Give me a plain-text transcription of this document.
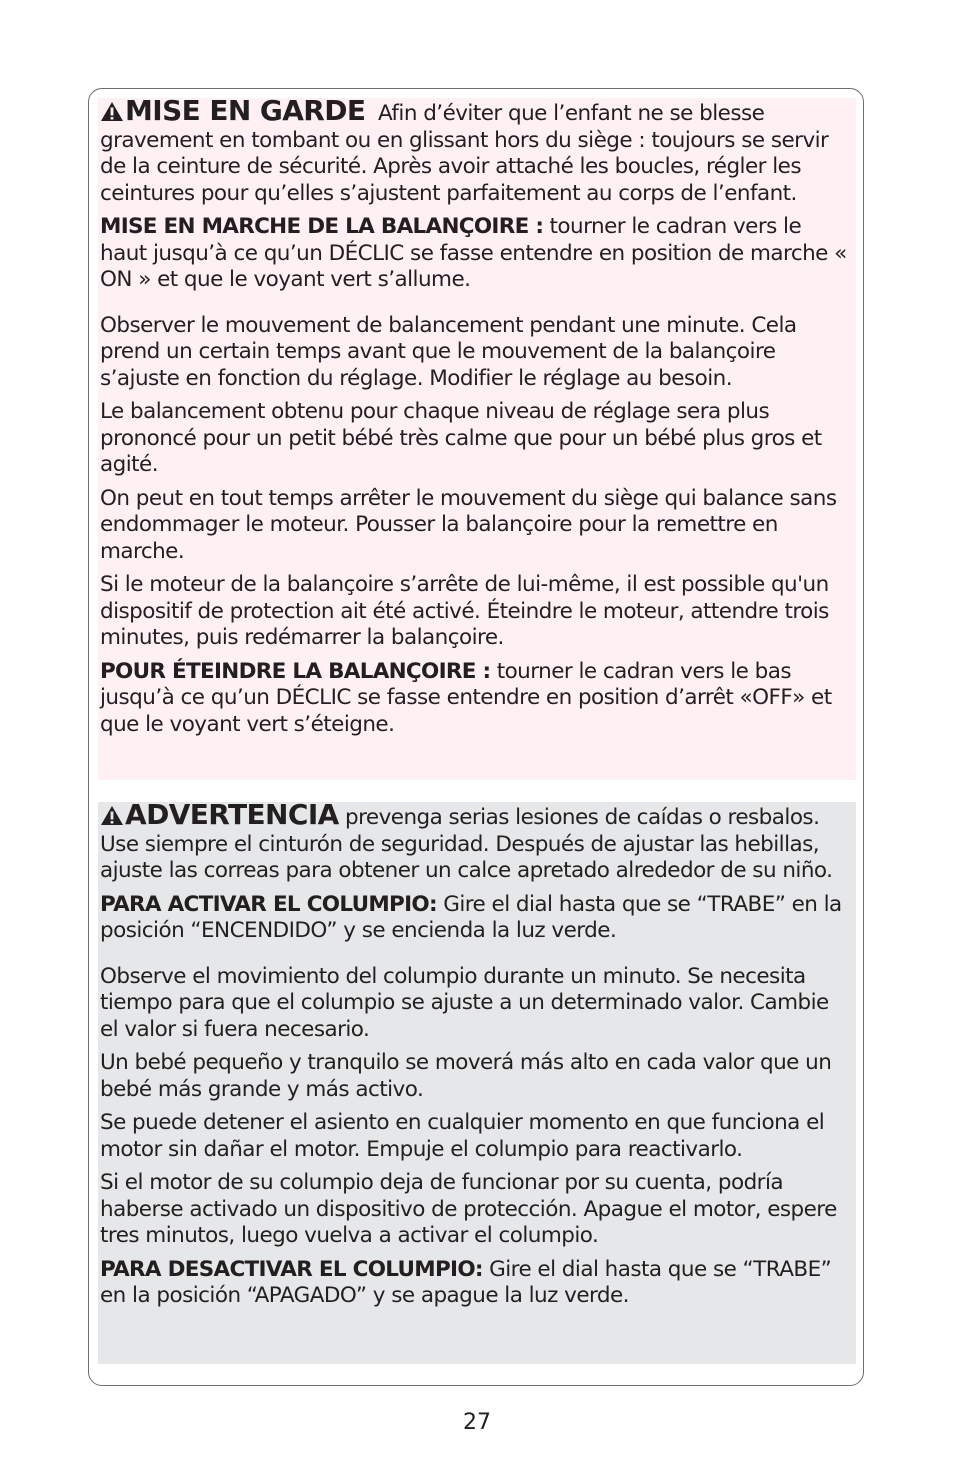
MISE EN GARDE Afin d’éviter que l’enfant ne se blesse gravement en tombant ou en glissant hors du siège : toujours se servir de la ceinture de sécurité. Après avoir attaché les boucles, régler les ceintures pour qu’elles s’ajustent parfaitement au corps de l’enfant.

MISE EN MARCHE DE LA BALANÇOIRE : tourner le cadran vers le haut jusqu’à ce qu’un DÉCLIC se fasse entendre en position de marche « ON » et que le voyant vert s’allume.

Observer le mouvement de balancement pendant une minute. Cela prend un certain temps avant que le mouvement de la balançoire s’ajuste en fonction du réglage. Modifier le réglage au besoin.

Le balancement obtenu pour chaque niveau de réglage sera plus prononcé pour un petit bébé très calme que pour un bébé plus gros et agité.

On peut en tout temps arrêter le mouvement du siège qui balance sans endommager le moteur. Pousser la balançoire pour la remettre en marche.

Si le moteur de la balançoire s’arrête de lui-même, il est possible qu'un dispositif de protection ait été activé. Éteindre le moteur, attendre trois minutes, puis redémarrer la balançoire.

POUR ÉTEINDRE LA BALANÇOIRE : tourner le cadran vers le bas jusqu’à ce qu’un DÉCLIC se fasse entendre en position d’arrêt «OFF» et que le voyant vert s’éteigne.

ADVERTENCIA prevenga serias lesiones de caídas o resbalos. Use siempre el cinturón de seguridad. Después de ajustar las hebillas, ajuste las correas para obtener un calce apretado alrededor de su niño.

PARA ACTIVAR EL COLUMPIO: Gire el dial hasta que se “TRABE” en la posición “ENCENDIDO” y se encienda la luz verde.

Observe el movimiento del columpio durante un minuto. Se necesita tiempo para que el columpio se ajuste a un determinado valor. Cambie el valor si fuera necesario.

Un bebé pequeño y tranquilo se moverá más alto en cada valor que un bebé más grande y más activo.

Se puede detener el asiento en cualquier momento en que funciona el motor sin dañar el motor. Empuje el columpio para reactivarlo.

Si el motor de su columpio deja de funcionar por su cuenta, podría haberse activado un dispositivo de protección. Apague el motor, espere tres minutos, luego vuelva a activar el columpio.

PARA DESACTIVAR EL COLUMPIO: Gire el dial hasta que se “TRABE” en la posición “APAGADO” y se apague la luz verde.

27
